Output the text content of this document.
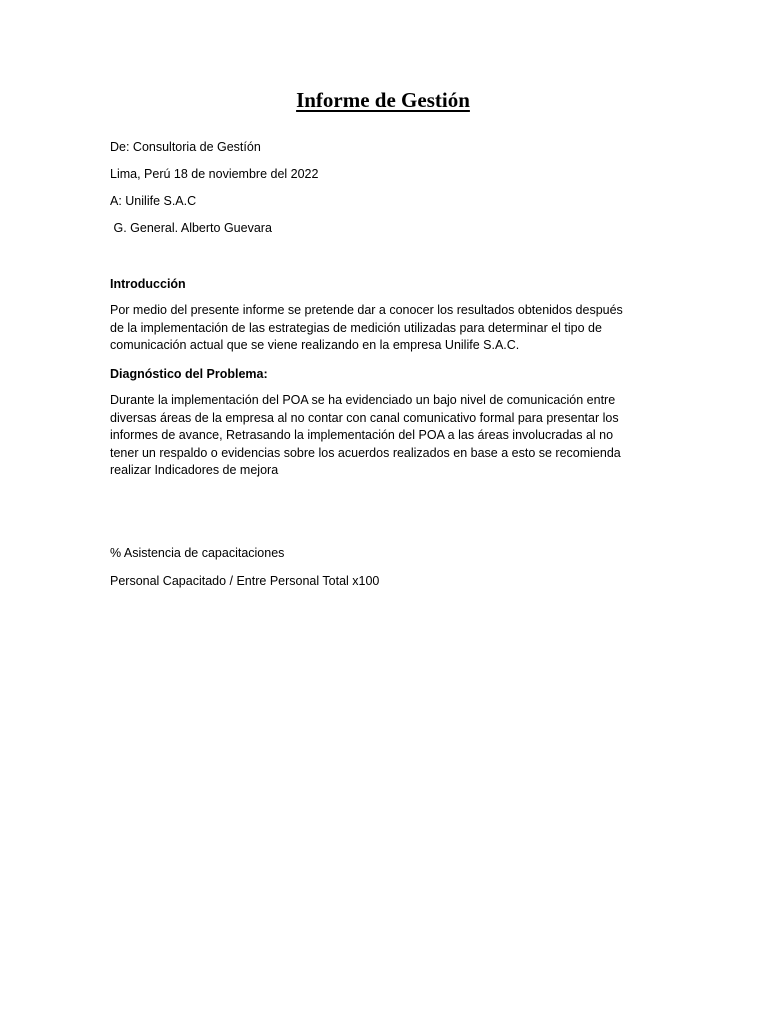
Informe de Gestión

De: Consultoria de Gestíón

Lima, Perú 18 de noviembre del 2022

A: Unilife S.A.C

G. General. Alberto Guevara

Introducción

Por medio del presente informe se pretende dar a conocer los resultados obtenidos después
de la implementación de las estrategias de medición utilizadas para determinar el tipo de
comunicación actual que se viene realizando en la empresa Unilife S.A.C.

Diagnóstico del Problema:

Durante la implementación del POA se ha evidenciado un bajo nivel de comunicación entre
diversas áreas de la empresa al no contar con canal comunicativo formal para presentar los
informes de avance, Retrasando la implementación del POA a las áreas involucradas al no
tener un respaldo o evidencias sobre los acuerdos realizados en base a esto se recomienda
realizar Indicadores de mejora

% Asistencia de capacitaciones

Personal Capacitado / Entre Personal Total x100
